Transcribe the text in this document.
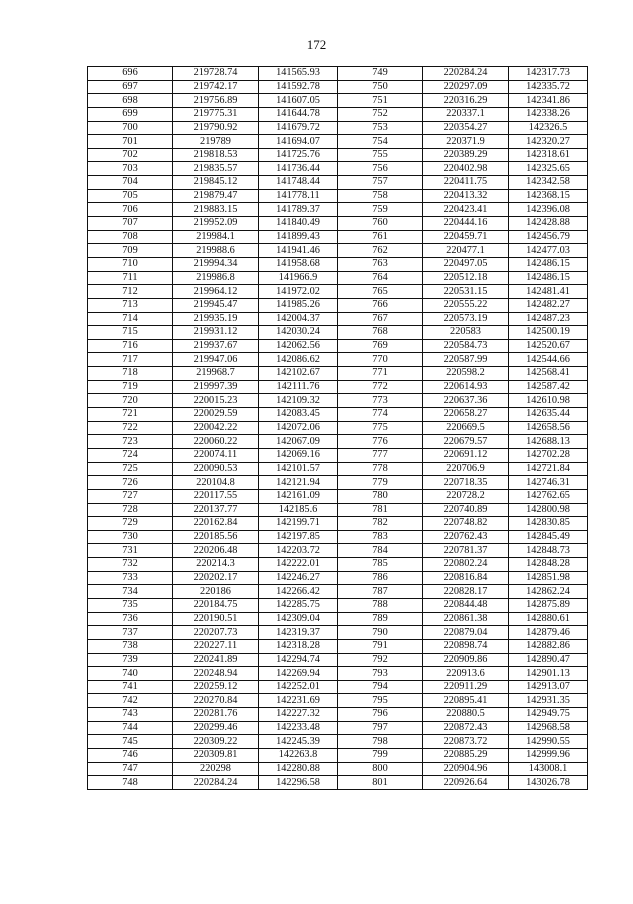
172
696	219728.74	141565.93	749	220284.24	142317.73
697	219742.17	141592.78	750	220297.09	142335.72
698	219756.89	141607.05	751	220316.29	142341.86
699	219775.31	141644.78	752	220337.1	142338.26
700	219790.92	141679.72	753	220354.27	142326.5
701	219789	141694.07	754	220371.9	142320.27
702	219818.53	141725.76	755	220389.29	142318.61
703	219835.57	141736.44	756	220402.98	142325.65
704	219845.12	141748.44	757	220411.75	142342.58
705	219879.47	141778.11	758	220413.32	142368.15
706	219883.15	141789.37	759	220423.41	142396.08
707	219952.09	141840.49	760	220444.16	142428.88
708	219984.1	141899.43	761	220459.71	142456.79
709	219988.6	141941.46	762	220477.1	142477.03
710	219994.34	141958.68	763	220497.05	142486.15
711	219986.8	141966.9	764	220512.18	142486.15
712	219964.12	141972.02	765	220531.15	142481.41
713	219945.47	141985.26	766	220555.22	142482.27
714	219935.19	142004.37	767	220573.19	142487.23
715	219931.12	142030.24	768	220583	142500.19
716	219937.67	142062.56	769	220584.73	142520.67
717	219947.06	142086.62	770	220587.99	142544.66
718	219968.7	142102.67	771	220598.2	142568.41
719	219997.39	142111.76	772	220614.93	142587.42
720	220015.23	142109.32	773	220637.36	142610.98
721	220029.59	142083.45	774	220658.27	142635.44
722	220042.22	142072.06	775	220669.5	142658.56
723	220060.22	142067.09	776	220679.57	142688.13
724	220074.11	142069.16	777	220691.12	142702.28
725	220090.53	142101.57	778	220706.9	142721.84
726	220104.8	142121.94	779	220718.35	142746.31
727	220117.55	142161.09	780	220728.2	142762.65
728	220137.77	142185.6	781	220740.89	142800.98
729	220162.84	142199.71	782	220748.82	142830.85
730	220185.56	142197.85	783	220762.43	142845.49
731	220206.48	142203.72	784	220781.37	142848.73
732	220214.3	142222.01	785	220802.24	142848.28
733	220202.17	142246.27	786	220816.84	142851.98
734	220186	142266.42	787	220828.17	142862.24
735	220184.75	142285.75	788	220844.48	142875.89
736	220190.51	142309.04	789	220861.38	142880.61
737	220207.73	142319.37	790	220879.04	142879.46
738	220227.11	142318.28	791	220898.74	142882.86
739	220241.89	142294.74	792	220909.86	142890.47
740	220248.94	142269.94	793	220913.6	142901.13
741	220259.12	142252.01	794	220911.29	142913.07
742	220270.84	142231.69	795	220895.41	142931.35
743	220281.76	142227.32	796	220880.5	142949.75
744	220299.46	142233.48	797	220872.43	142968.58
745	220309.22	142245.39	798	220873.72	142990.55
746	220309.81	142263.8	799	220885.29	142999.96
747	220298	142280.88	800	220904.96	143008.1
748	220284.24	142296.58	801	220926.64	143026.78
